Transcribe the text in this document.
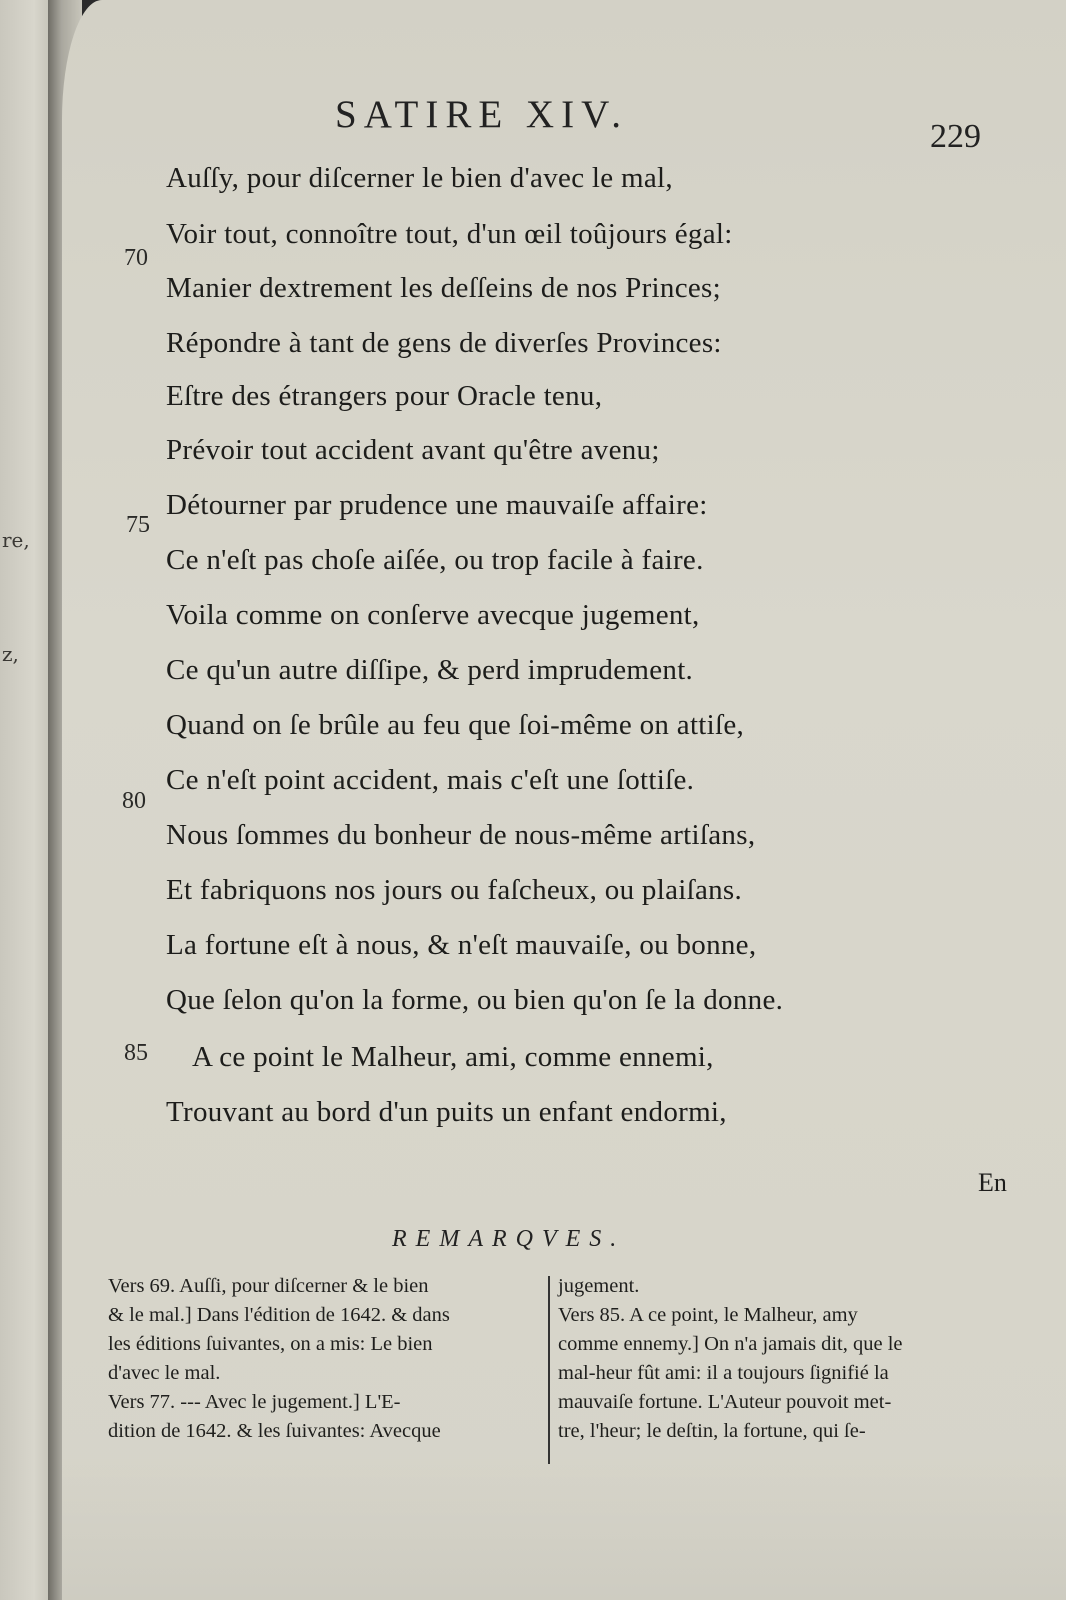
re,
z,
SATIRE XIV.
229
Auſſy, pour diſcerner le bien d'avec le mal,
Voir tout, connoître tout, d'un œil toûjours égal:
Manier dextrement les deſſeins de nos Princes;
Répondre à tant de gens de diverſes Provinces:
Eſtre des étrangers pour Oracle tenu,
Prévoir tout accident avant qu'être avenu;
Détourner par prudence une mauvaiſe affaire:
Ce n'eſt pas choſe aiſée, ou trop facile à faire.
Voila comme on conſerve avecque jugement,
Ce qu'un autre diſſipe, & perd imprudement.
Quand on ſe brûle au feu que ſoi-même on attiſe,
Ce n'eſt point accident, mais c'eſt une ſottiſe.
Nous ſommes du bonheur de nous-même artiſans,
Et fabriquons nos jours ou faſcheux, ou plaiſans.
La fortune eſt à nous, & n'eſt mauvaiſe, ou bonne,
Que ſelon qu'on la forme, ou bien qu'on ſe la donne.
A ce point le Malheur, ami, comme ennemi,
Trouvant au bord d'un puits un enfant endormi,
70
75
80
85
En
REMARQVES.
Vers 69. Auſſi, pour diſcerner & le bien
& le mal.] Dans l'édition de 1642. & dans
les éditions ſuivantes, on a mis: Le bien
d'avec le mal.
Vers 77. --- Avec le jugement.] L'E-
dition de 1642. & les ſuivantes: Avecque
jugement.
Vers 85. A ce point, le Malheur, amy
comme ennemy.] On n'a jamais dit, que le
mal-heur fût ami: il a toujours ſignifié la
mauvaiſe fortune. L'Auteur pouvoit met-
tre, l'heur; le deſtin, la fortune, qui ſe-
